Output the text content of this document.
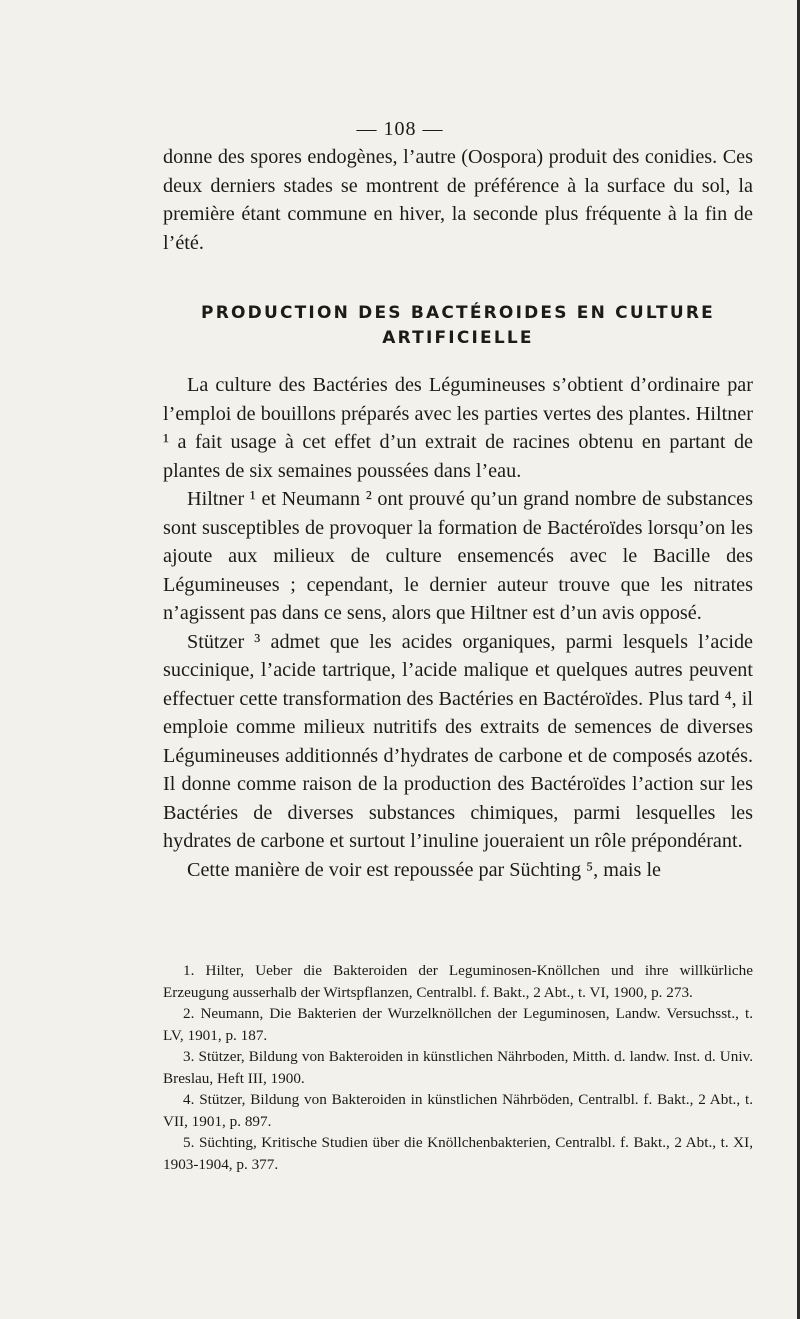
— 108 —

donne des spores endogènes, l’autre (Oospora) produit des conidies. Ces deux derniers stades se montrent de préférence à la surface du sol, la première étant commune en hiver, la seconde plus fréquente à la fin de l’été.

PRODUCTION DES BACTÉROIDES EN CULTURE ARTIFICIELLE

La culture des Bactéries des Légumineuses s’obtient d’ordinaire par l’emploi de bouillons préparés avec les parties vertes des plantes. Hiltner ¹ a fait usage à cet effet d’un extrait de racines obtenu en partant de plantes de six semaines poussées dans l’eau.

Hiltner ¹ et Neumann ² ont prouvé qu’un grand nombre de substances sont susceptibles de provoquer la formation de Bactéroïdes lorsqu’on les ajoute aux milieux de culture ensemencés avec le Bacille des Légumineuses ; cependant, le dernier auteur trouve que les nitrates n’agissent pas dans ce sens, alors que Hiltner est d’un avis opposé.

Stützer ³ admet que les acides organiques, parmi lesquels l’acide succinique, l’acide tartrique, l’acide malique et quelques autres peuvent effectuer cette transformation des Bactéries en Bactéroïdes. Plus tard ⁴, il emploie comme milieux nutritifs des extraits de semences de diverses Légumineuses additionnés d’hydrates de carbone et de composés azotés. Il donne comme raison de la production des Bactéroïdes l’action sur les Bactéries de diverses substances chimiques, parmi lesquelles les hydrates de carbone et surtout l’inuline joueraient un rôle prépondérant.

Cette manière de voir est repoussée par Süchting ⁵, mais le

1. Hilter, Ueber die Bakteroiden der Leguminosen-Knöllchen und ihre willkürliche Erzeugung ausserhalb der Wirtspflanzen, Centralbl. f. Bakt., 2 Abt., t. VI, 1900, p. 273.

2. Neumann, Die Bakterien der Wurzelknöllchen der Leguminosen, Landw. Versuchsst., t. LV, 1901, p. 187.

3. Stützer, Bildung von Bakteroiden in künstlichen Nährboden, Mitth. d. landw. Inst. d. Univ. Breslau, Heft III, 1900.

4. Stützer, Bildung von Bakteroiden in künstlichen Nährböden, Centralbl. f. Bakt., 2 Abt., t. VII, 1901, p. 897.

5. Süchting, Kritische Studien über die Knöllchenbakterien, Centralbl. f. Bakt., 2 Abt., t. XI, 1903-1904, p. 377.
